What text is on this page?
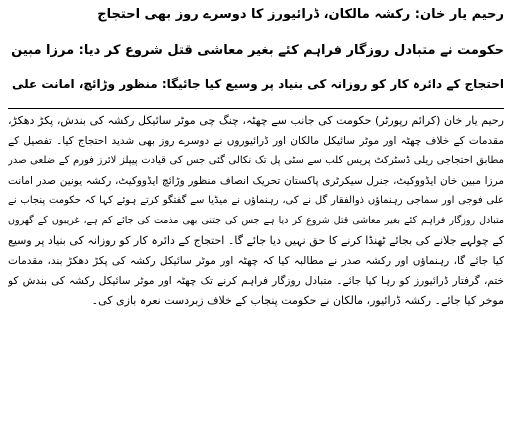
رحیم یار خان: رکشہ مالکان، ڈرائیورز کا دوسرے روز بھی احتجاج

حکومت نے متبادل روزگار فراہم کئے بغیر معاشی قتل شروع کر دیا: مرزا مبین

احتجاج کے دائرہ کار کو روزانہ کی بنیاد پر وسیع کیا جائیگا: منظور وڑائچ، امانت علی

رحیم یار خان (کرائم رپورٹر) حکومت کی جانب سے چھٹہ، چنگ چی موٹر سائیکل رکشہ کی بندش، پکڑ دھکڑ،
مقدمات کے خلاف چھٹہ اور موٹر سائیکل مالکان اور ڈرائیوروں نے دوسرے روز بھی شدید احتجاج کیا۔ تفصیل کے
مطابق احتجاجی ریلی ڈسٹرکٹ پریس کلب سے سٹی پل تک نکالی گئی جس کی قیادت پیپلز لائرز فورم کے ضلعی صدر
مرزا مبین خان ایڈووکیٹ، جنرل سیکرٹری پاکستان تحریک انصاف منظور وڑائچ ایڈووکیٹ، رکشہ یونین صدر امانت
علی فوجی اور سماجی رہنماؤں ذوالفقار گل نے کی، رہنماؤں نے میڈیا سے گفتگو کرتے ہوئے کہا کہ حکومت پنجاب نے
متبادل روزگار فراہم کئے بغیر معاشی قتل شروع کر دیا ہے جس کی جتنی بھی مذمت کی جائے کم ہے، غریبوں کے گھروں
کے چولہے جلانے کی بجائے ٹھنڈا کرنے کا حق نہیں دیا جائے گا۔ احتجاج کے دائرہ کار کو روزانہ کی بنیاد پر وسیع
کیا جائے گا، رہنماؤں اور رکشہ صدر نے مطالبہ کیا کہ چھٹہ اور موٹر سائیکل رکشہ کی پکڑ دھکڑ بند، مقدمات
ختم، گرفتار ڈرائیورز کو رہا کیا جائے۔ متبادل روزگار فراہم کرنے تک چھٹہ اور موٹر سائیکل رکشہ کی بندش کو
موخر کیا جائے۔ رکشہ ڈرائیور، مالکان نے حکومت پنجاب کے خلاف زبردست نعرہ بازی کی۔
